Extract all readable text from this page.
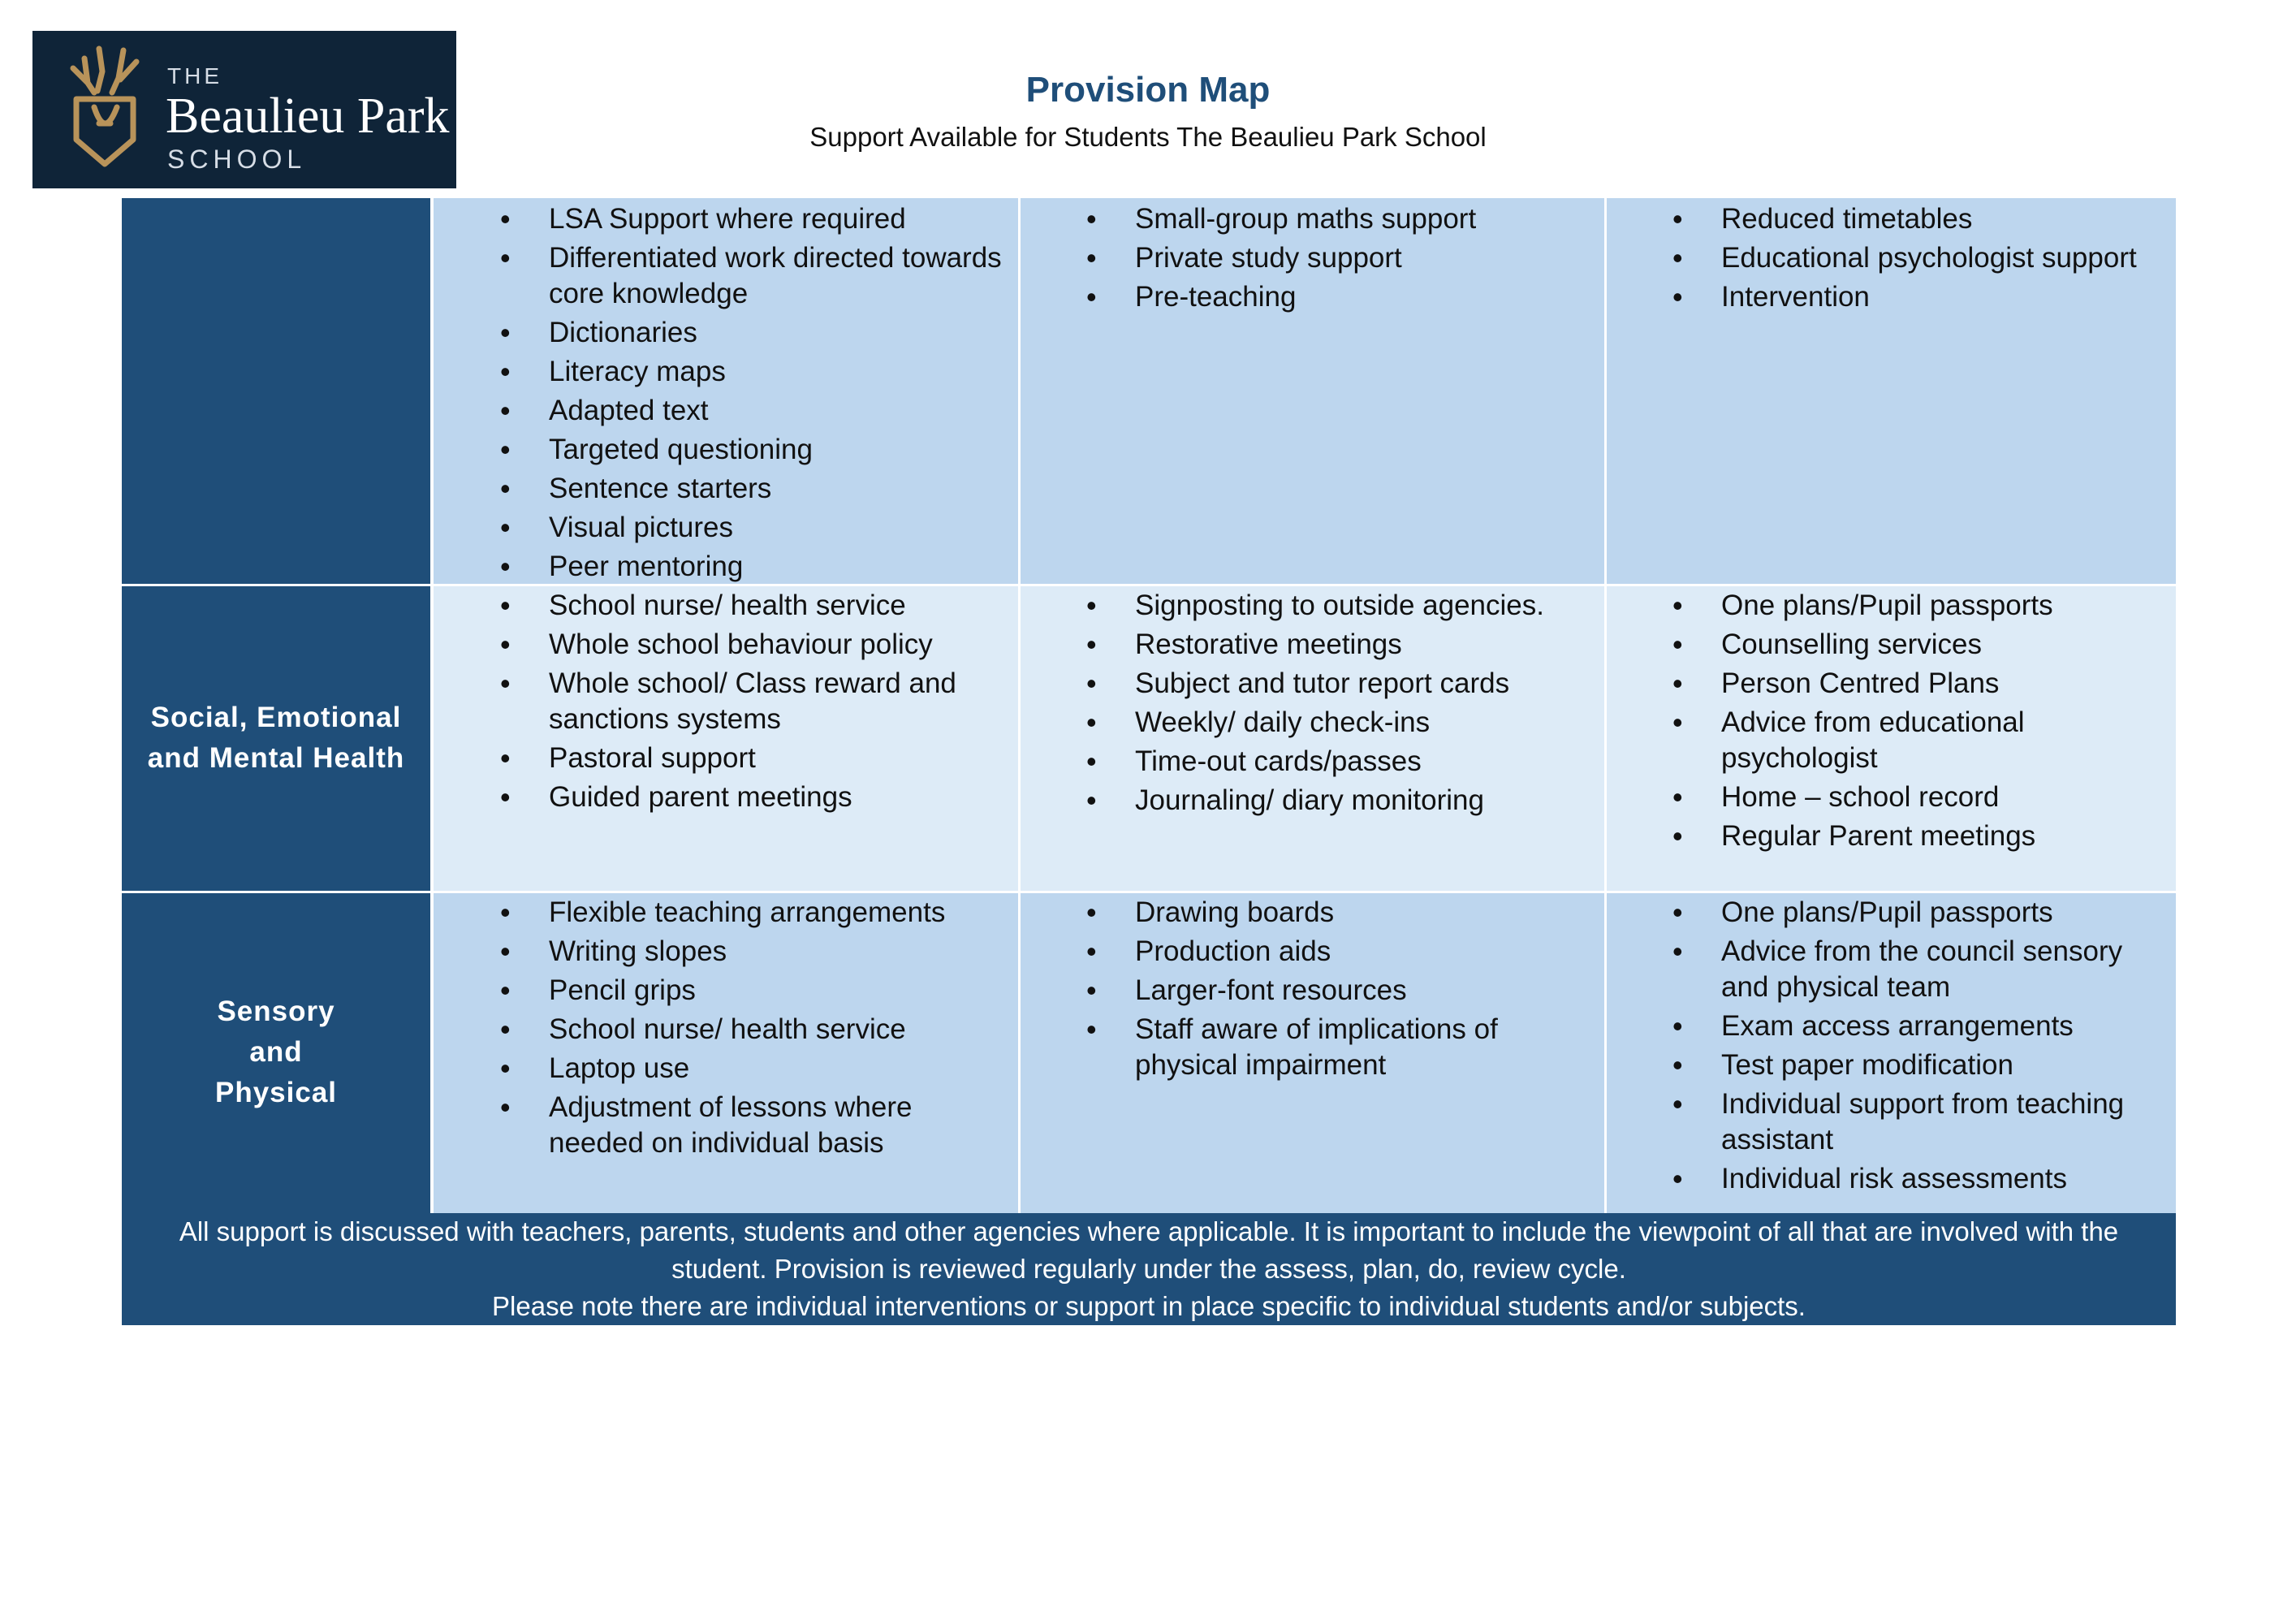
THE
Beaulieu Park
SCHOOL
Provision Map
Support Available for Students The Beaulieu Park School
• LSA Support where required
• Differentiated work directed towards core knowledge
• Dictionaries
• Literacy maps
• Adapted text
• Targeted questioning
• Sentence starters
• Visual pictures
• Peer mentoring
• Small-group maths support
• Private study support
• Pre-teaching
• Reduced timetables
• Educational psychologist support
• Intervention
Social, Emotional and Mental Health
• School nurse/ health service
• Whole school behaviour policy
• Whole school/ Class reward and sanctions systems
• Pastoral support
• Guided parent meetings
• Signposting to outside agencies.
• Restorative meetings
• Subject and tutor report cards
• Weekly/ daily check-ins
• Time-out cards/passes
• Journaling/ diary monitoring
• One plans/Pupil passports
• Counselling services
• Person Centred Plans
• Advice from educational psychologist
• Home – school record
• Regular Parent meetings
Sensory and Physical
• Flexible teaching arrangements
• Writing slopes
• Pencil grips
• School nurse/ health service
• Laptop use
• Adjustment of lessons where needed on individual basis
• Drawing boards
• Production aids
• Larger-font resources
• Staff aware of implications of physical impairment
• One plans/Pupil passports
• Advice from the council sensory and physical team
• Exam access arrangements
• Test paper modification
• Individual support from teaching assistant
• Individual risk assessments
All support is discussed with teachers, parents, students and other agencies where applicable. It is important to include the viewpoint of all that are involved with the student. Provision is reviewed regularly under the assess, plan, do, review cycle.
Please note there are individual interventions or support in place specific to individual students and/or subjects.
